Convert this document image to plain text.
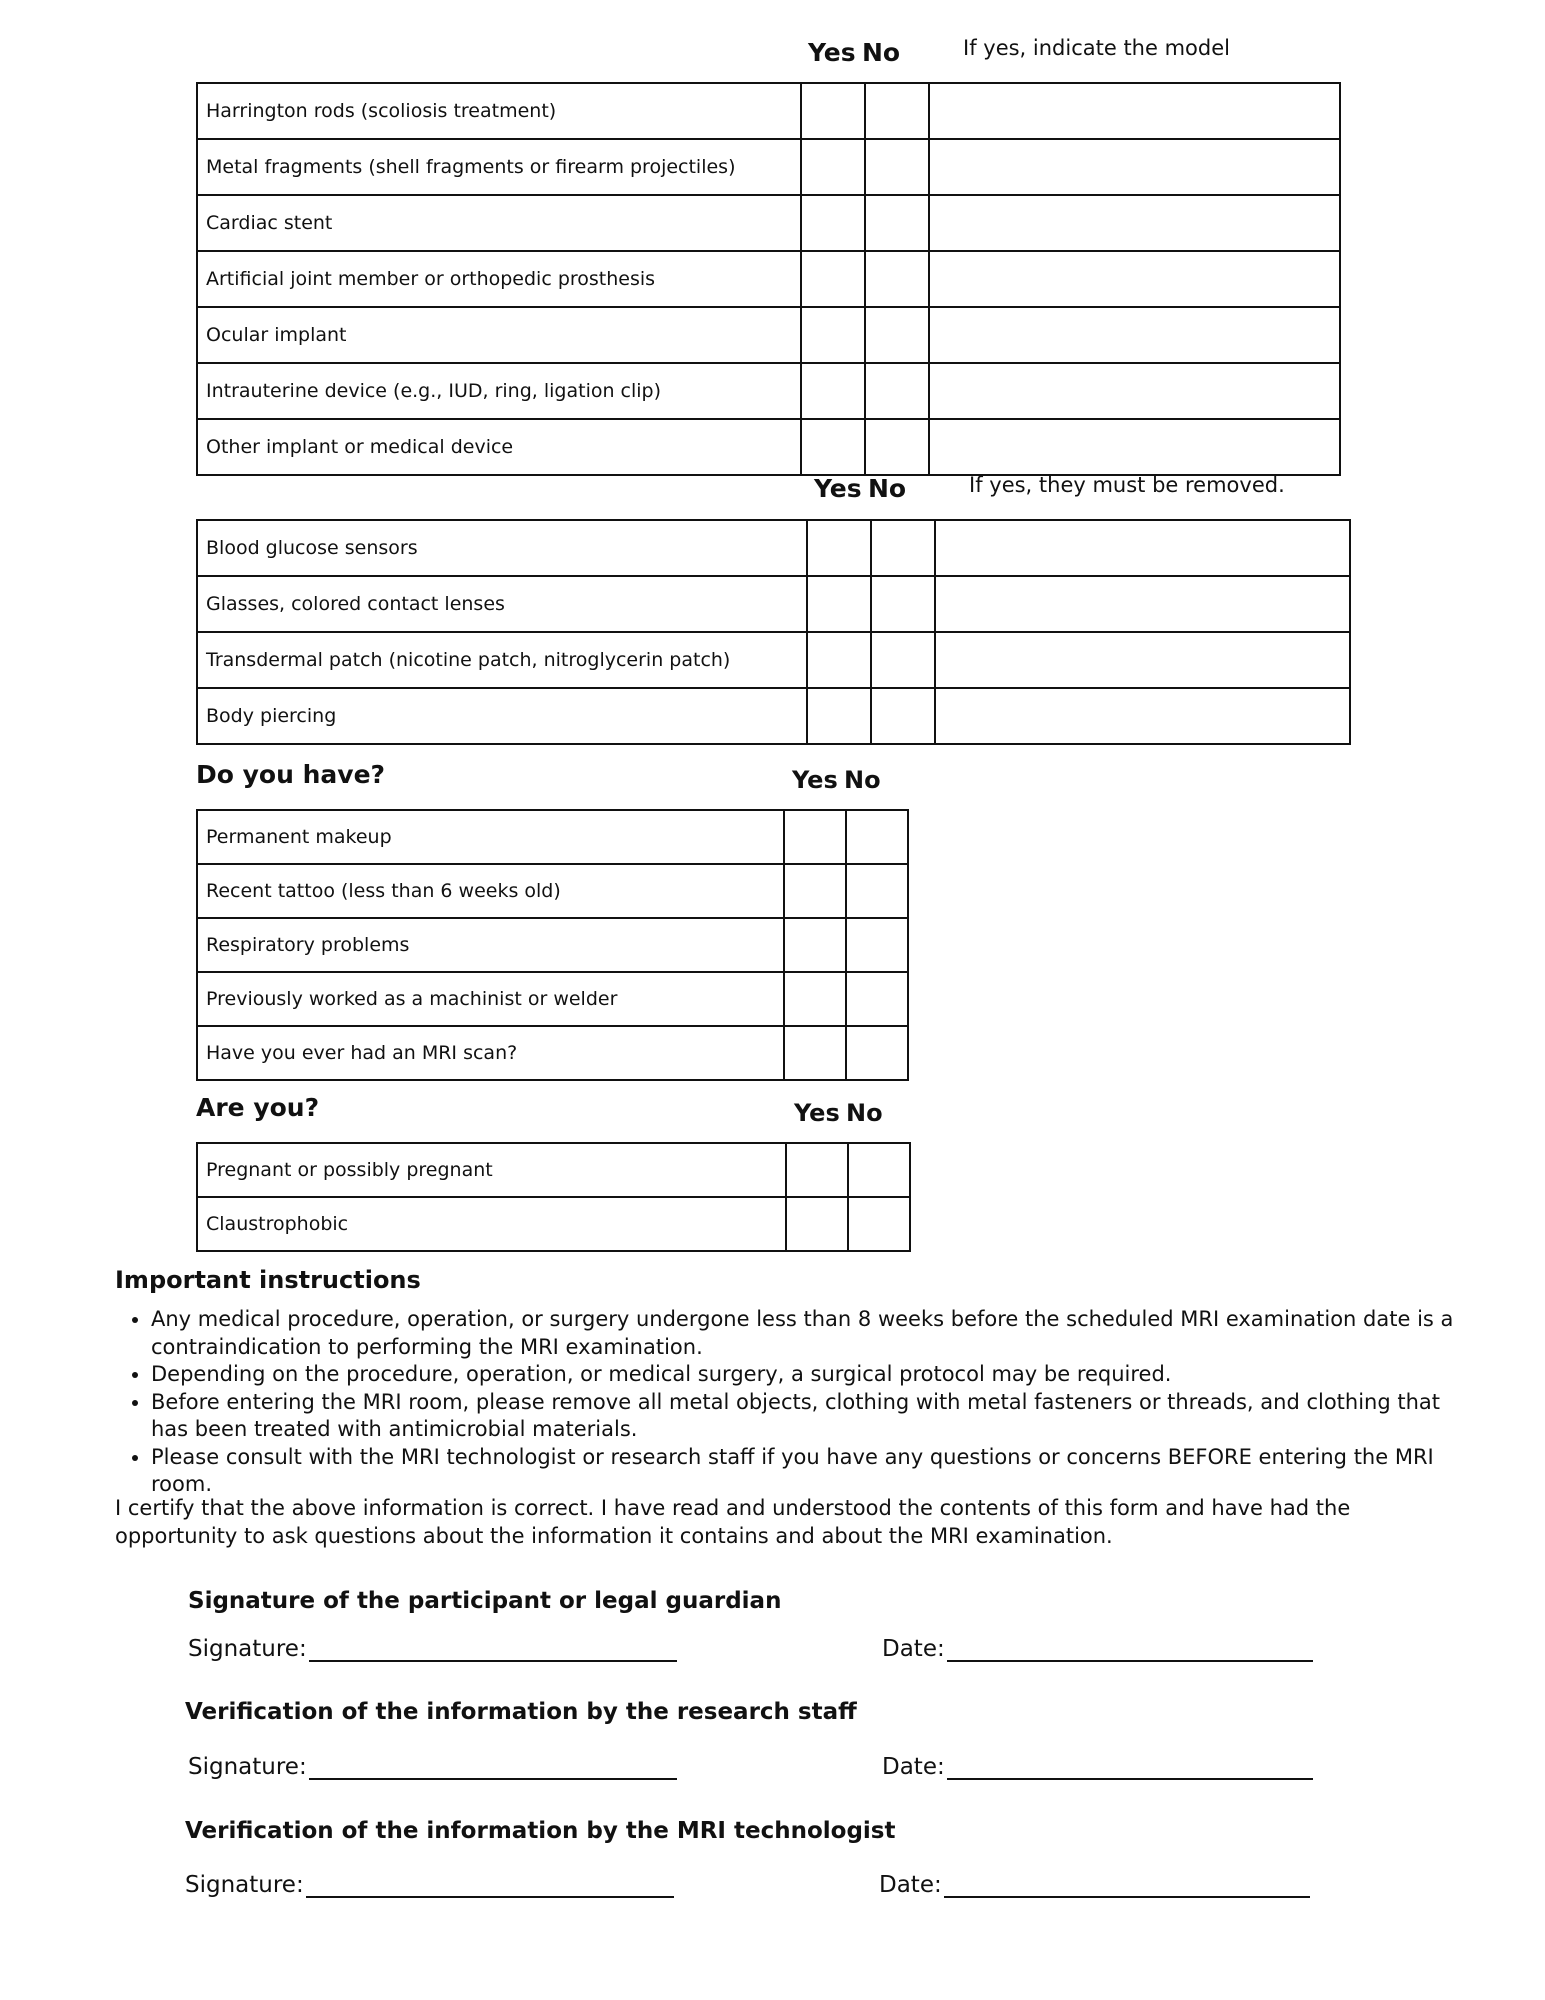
Yes No	If yes, indicate the model
Harrington rods (scoliosis treatment)			
Metal fragments (shell fragments or firearm projectiles)			
Cardiac stent			
Artificial joint member or orthopedic prosthesis			
Ocular implant			
Intrauterine device (e.g., IUD, ring, ligation clip)			
Other implant or medical device			
Yes No	If yes, they must be removed.
Blood glucose sensors			
Glasses, colored contact lenses			
Transdermal patch (nicotine patch, nitroglycerin patch)			
Body piercing			
Do you have?	Yes No
Permanent makeup		
Recent tattoo (less than 6 weeks old)		
Respiratory problems		
Previously worked as a machinist or welder		
Have you ever had an MRI scan?		
Are you?	Yes No
Pregnant or possibly pregnant		
Claustrophobic		
Important instructions
• Any medical procedure, operation, or surgery undergone less than 8 weeks before the scheduled MRI examination date is a contraindication to performing the MRI examination.
• Depending on the procedure, operation, or medical surgery, a surgical protocol may be required.
• Before entering the MRI room, please remove all metal objects, clothing with metal fasteners or threads, and clothing that has been treated with antimicrobial materials.
• Please consult with the MRI technologist or research staff if you have any questions or concerns BEFORE entering the MRI room.
I certify that the above information is correct. I have read and understood the contents of this form and have had the opportunity to ask questions about the information it contains and about the MRI examination.
Signature of the participant or legal guardian
Signature:	Date:
Verification of the information by the research staff
Signature:	Date:
Verification of the information by the MRI technologist
Signature:	Date:
